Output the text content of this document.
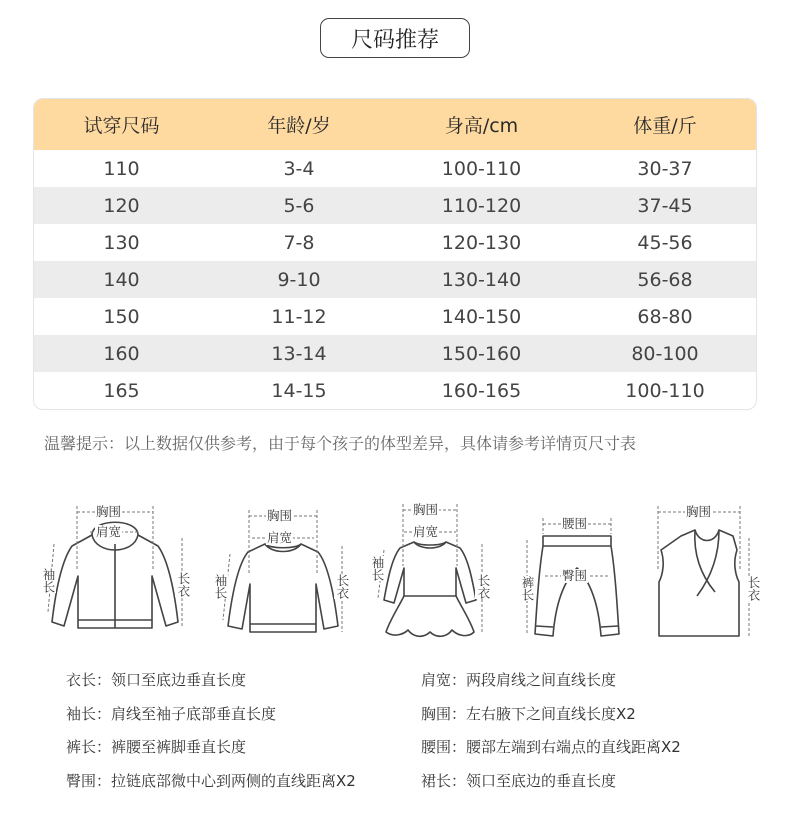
尺码推荐
试穿尺码	年龄/岁	身高/cm	体重/斤
110	3-4	100-110	30-37
120	5-6	110-120	37-45
130	7-8	120-130	45-56
140	9-10	130-140	56-68
150	11-12	140-150	68-80
160	13-14	150-160	80-100
165	14-15	160-165	100-110
温馨提示：以上数据仅供参考，由于每个孩子的体型差异，具体请参考详情页尺寸表
胸围
肩宽
袖长	长衣
胸围
肩宽
袖长	长衣
胸围
肩宽
袖长
长衣
腰围
臀围
裤长
胸围
长衣
衣长：领口至底边垂直长度
袖长：肩线至袖子底部垂直长度
裤长：裤腰至裤脚垂直长度
臀围：拉链底部微中心到两侧的直线距离X2
肩宽：两段肩线之间直线长度
胸围：左右腋下之间直线长度X2
腰围：腰部左端到右端点的直线距离X2
裙长：领口至底边的垂直长度
